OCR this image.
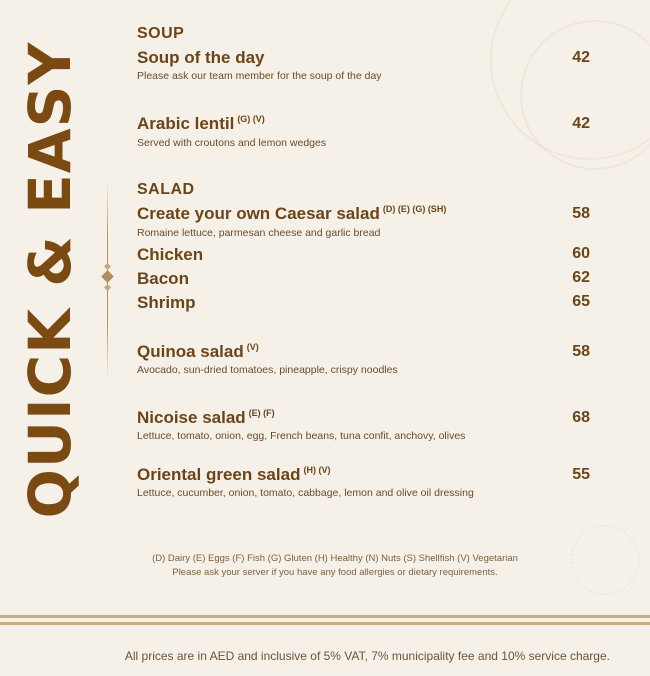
QUICK & EASY
SOUP
Soup of the day
Please ask our team member for the soup of the day
42
Arabic lentil $^{(G) (V)}$
Served with croutons and lemon wedges
42
SALAD
Create your own Caesar salad $^{(D) (E) (G) (SH)}$
Romaine lettuce, parmesan cheese and garlic bread
58
Chicken	60
Bacon	62
Shrimp	65
Quinoa salad $^{(V)}$
Avocado, sun-dried tomatoes, pineapple, crispy noodles
58
Nicoise salad $^{(E) (F)}$
Lettuce, tomato, onion, egg, French beans, tuna confit, anchovy, olives
68
Oriental green salad $^{(H) (V)}$
Lettuce, cucumber, onion, tomato, cabbage, lemon and olive oil dressing
55
(D) Dairy (E) Eggs (F) Fish (G) Gluten (H) Healthy (N) Nuts (S) Shellfish (V) Vegetarian
Please ask your server if you have any food allergies or dietary requirements.
All prices are in AED and inclusive of 5% VAT, 7% municipality fee and 10% service charge.
